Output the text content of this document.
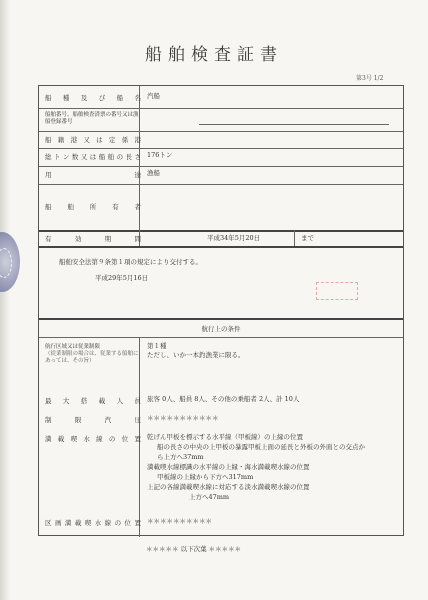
船舶検査証書
第3号 1/2
船種及び船名 汽船
船舶番号、船舶検査済票の番号又は漁船登録番号
船籍港又は定係港
総トン数又は船舶の長さ 176トン
用途 漁船
船舶所有者
有効期間	平成34年5月20日	まで
船舶安全法第９条第１項の規定により交付する。
平成29年5月16日
航行上の条件
航行区域又は従業制限
（従業制限の場合は、従業する船舶にあっては、その旨）
第１種
ただし、いか一本釣漁業に限る。
最大搭載人員 旅客 0人、船員 8人、その他の乗船者 2人、計 10人
制限汽圧 ＊＊＊＊＊＊＊＊＊＊＊
満載喫水線の位置 乾げん甲板を標示する水平線（甲板線）の上縁の位置
船の長さの中央の上甲板の暴露甲板上面の延長と外板の外面との交点か
ら上方へ37mm
満載喫水線標識の水平線の上縁・海水満載喫水線の位置
甲板線の上縁から下方へ317mm
上記の各線満載喫水線に対応する淡水満載喫水線の位置
上方へ47mm
区画満載喫水線の位置 ＊＊＊＊＊＊＊＊＊＊
＊＊＊＊＊ 以下次葉 ＊＊＊＊＊
